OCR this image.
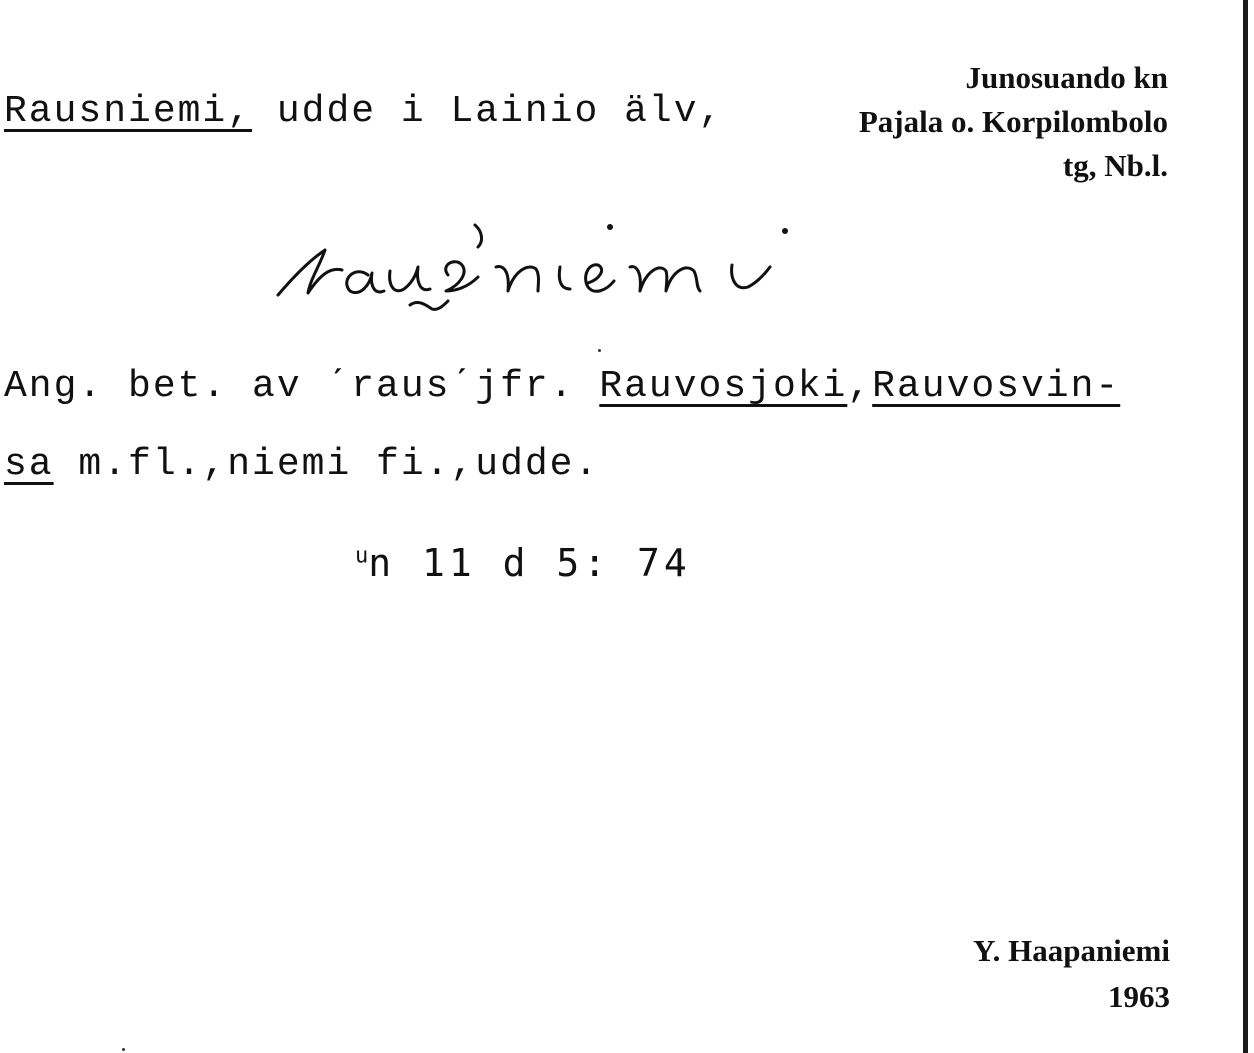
Rausniemi, udde i Lainio älv,
Junosuando kn
Pajala o. Korpilombolo
tg, Nb.l.
Ang. bet. av ˊrausˊjfr. Rauvosjoki,Rauvosvin-
sa m.fl.,niemi fi.,udde.
$^u$n 11 d 5: 74
Y. Haapaniemi
1963
